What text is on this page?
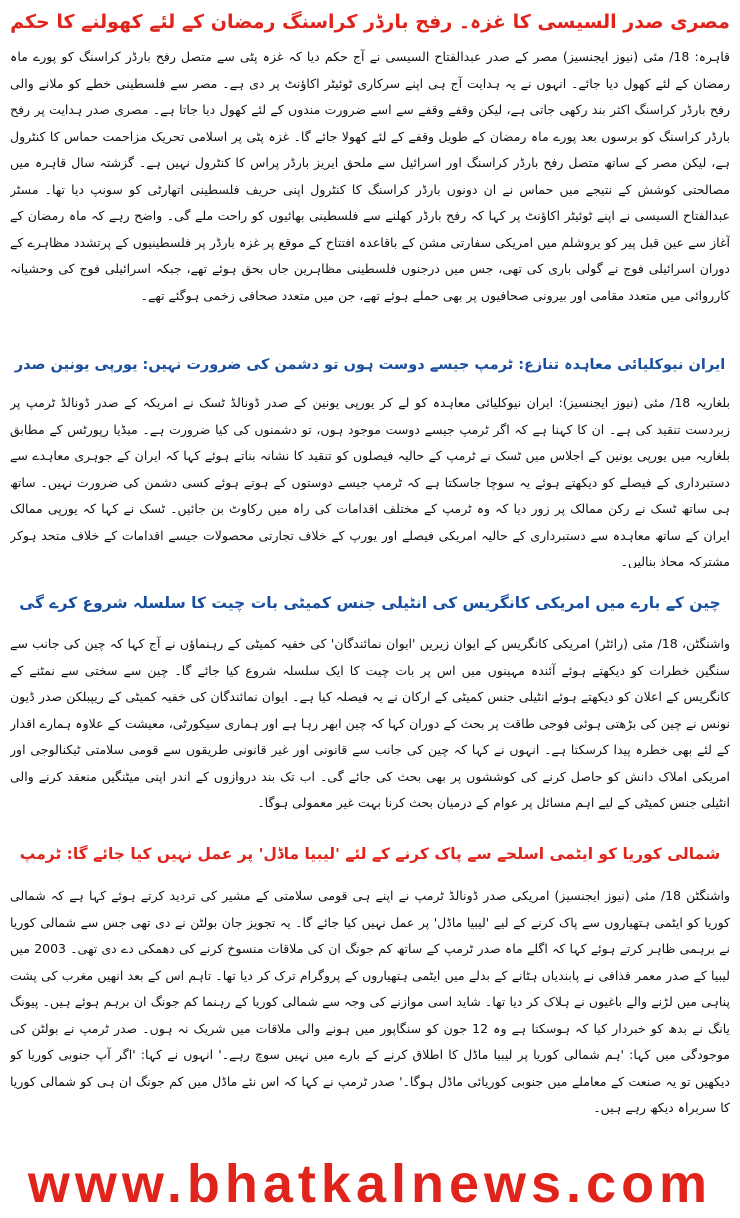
مصری صدر السیسی کا غزہ۔ رفح بارڈر کراسنگ رمضان کے لئے کھولنے کا حکم

قاہرہ: 18/ مئی (نیوز ایجنسیز) مصر کے صدر عبدالفتاح السیسی نے آج حکم دیا کہ غزہ پٹی سے متصل رفح بارڈر کراسنگ کو پورے ماہ رمضان کے لئے کھول دیا جائے۔ انہوں نے یہ ہدایت آج ہی اپنے سرکاری ٹوئیٹر اکاؤنٹ پر دی ہے۔ مصر سے فلسطینی خطے کو ملانے والی رفح بارڈر کراسنگ اکثر بند رکھی جاتی ہے، لیکن وقفے وقفے سے اسے ضرورت مندوں کے لئے کھول دیا جاتا ہے۔ مصری صدر ہدایت پر رفح بارڈر کراسنگ کو برسوں بعد پورے ماہ رمضان کے طویل وقفے کے لئے کھولا جائے گا۔ غزہ پٹی پر اسلامی تحریک مزاحمت حماس کا کنٹرول ہے، لیکن مصر کے ساتھ متصل رفح بارڈر کراسنگ اور اسرائیل سے ملحق ایریز بارڈر پراس کا کنٹرول نہیں ہے۔ گزشتہ سال قاہرہ میں مصالحتی کوشش کے نتیجے میں حماس نے ان دونوں بارڈر کراسنگ کا کنٹرول اپنی حریف فلسطینی اتھارٹی کو سونپ دیا تھا۔ مسٹر عبدالفتاح السیسی نے اپنے ٹوئیٹر اکاؤنٹ پر کہا کہ رفح بارڈر کھلنے سے فلسطینی بھائیوں کو راحت ملے گی۔ واضح رہے کہ ماہ رمضان کے آغاز سے عین قبل پیر کو یروشلم میں امریکی سفارتی مشن کے باقاعدہ افتتاح کے موقع پر غزہ بارڈر پر فلسطینیوں کے پرتشدد مظاہرے کے دوران اسرائیلی فوج نے گولی باری کی تھی، جس میں درجنوں فلسطینی مظاہرین جاں بحق ہوئے تھے، جبکہ اسرائیلی فوج کی وحشیانہ کارروائی میں متعدد مقامی اور بیرونی صحافیوں پر بھی حملے ہوئے تھے، جن میں متعدد صحافی زخمی ہوگئے تھے۔

ایران نیوکلیائی معاہدہ تنازع: ٹرمپ جیسے دوست ہوں تو دشمن کی ضرورت نہیں: یورپی یونین صدر

بلغاریہ 18/ مئی (نیوز ایجنسیز): ایران نیوکلیائی معاہدہ کو لے کر یورپی یونین کے صدر ڈونالڈ ٹسک نے امریکہ کے صدر ڈونالڈ ٹرمپ پر زبردست تنقید کی ہے۔ ان کا کہنا ہے کہ اگر ٹرمپ جیسے دوست موجود ہوں، تو دشمنوں کی کیا ضرورت ہے۔ میڈیا رپورٹس کے مطابق بلغاریہ میں یورپی یونین کے اجلاس میں ٹسک نے ٹرمپ کے حالیہ فیصلوں کو تنقید کا نشانہ بناتے ہوئے کہا کہ ایران کے جوہری معاہدے سے دستبرداری کے فیصلے کو دیکھتے ہوئے یہ سوچا جاسکتا ہے کہ ٹرمپ جیسے دوستوں کے ہوتے ہوئے کسی دشمن کی ضرورت نہیں۔ ساتھ ہی ساتھ ٹسک نے رکن ممالک پر زور دیا کہ وہ ٹرمپ کے مختلف اقدامات کی راہ میں رکاوٹ بن جائیں۔ ٹسک نے کہا کہ یورپی ممالک ایران کے ساتھ معاہدہ سے دستبرداری کے حالیہ امریکی فیصلے اور یورپ کے خلاف تجارتی محصولات جیسے اقدامات کے خلاف متحد ہوکر مشترکہ محاذ بنالیں۔

چین کے بارے میں امریکی کانگریس کی انٹیلی جنس کمیٹی بات چیت کا سلسلہ شروع کرے گی

واشنگٹن، 18/ مئی (رائٹر) امریکی کانگریس کے ایوان زیریں 'ایوان نمائندگان' کی خفیہ کمیٹی کے رہنماؤں نے آج کہا کہ چین کی جانب سے سنگین خطرات کو دیکھتے ہوئے آئندہ مہینوں میں اس پر بات چیت کا ایک سلسلہ شروع کیا جائے گا۔ چین سے سختی سے نمٹنے کے کانگریس کے اعلان کو دیکھتے ہوئے انٹیلی جنس کمیٹی کے ارکان نے یہ فیصلہ کیا ہے۔ ایوان نمائندگان کی خفیہ کمیٹی کے ریپبلکن صدر ڈیون نونس نے چین کی بڑھتی ہوئی فوجی طاقت پر بحث کے دوران کہا کہ چین ابھر رہا ہے اور ہماری سیکورٹی، معیشت کے علاوہ ہمارے اقدار کے لئے بھی خطرہ پیدا کرسکتا ہے۔ انہوں نے کہا کہ چین کی جانب سے قانونی اور غیر قانونی طریقوں سے قومی سلامتی ٹیکنالوجی اور امریکی املاک دانش کو حاصل کرنے کی کوششوں پر بھی بحث کی جائے گی۔ اب تک بند دروازوں کے اندر اپنی میٹنگیں منعقد کرنے والی انٹیلی جنس کمیٹی کے لیے اہم مسائل پر عوام کے درمیان بحث کرنا بہت غیر معمولی ہوگا۔

شمالی کوریا کو ایٹمی اسلحے سے پاک کرنے کے لئے 'لیبیا ماڈل' پر عمل نہیں کیا جائے گا: ٹرمپ

واشنگٹن 18/ مئی (نیوز ایجنسیز) امریکی صدر ڈونالڈ ٹرمپ نے اپنے ہی قومی سلامتی کے مشیر کی تردید کرتے ہوئے کہا ہے کہ شمالی کوریا کو ایٹمی ہتھیاروں سے پاک کرنے کے لیے 'لیبیا ماڈل' پر عمل نہیں کیا جائے گا۔ یہ تجویز جان بولٹن نے دی تھی جس سے شمالی کوریا نے برہمی ظاہر کرتے ہوئے کہا کہ اگلے ماہ صدر ٹرمپ کے ساتھ کم جونگ ان کی ملاقات منسوخ کرنے کی دھمکی دے دی تھی۔ 2003 میں لیبیا کے صدر معمر قذافی نے پابندیاں ہٹانے کے بدلے میں ایٹمی ہتھیاروں کے پروگرام ترک کر دیا تھا۔ تاہم اس کے بعد انھیں مغرب کی پشت پناہی میں لڑنے والے باغیوں نے ہلاک کر دیا تھا۔ شاید اسی موازنے کی وجہ سے شمالی کوریا کے رہنما کم جونگ ان برہم ہوئے ہیں۔ پیونگ یانگ نے بدھ کو خبردار کیا کہ ہوسکتا ہے وہ 12 جون کو سنگاپور میں ہونے والی ملاقات میں شریک نہ ہوں۔ صدر ٹرمپ نے بولٹن کی موجودگی میں کہا: 'ہم شمالی کوریا پر لیبیا ماڈل کا اطلاق کرنے کے بارے میں نہیں سوچ رہے۔' انہوں نے کہا: 'اگر آپ جنوبی کوریا کو دیکھیں تو یہ صنعت کے معاملے میں جنوبی کوریائی ماڈل ہوگا۔' صدر ٹرمپ نے کہا کہ اس نئے ماڈل میں کم جونگ ان ہی کو شمالی کوریا کا سربراہ دیکھ رہے ہیں۔

www.bhatkalnews.com
